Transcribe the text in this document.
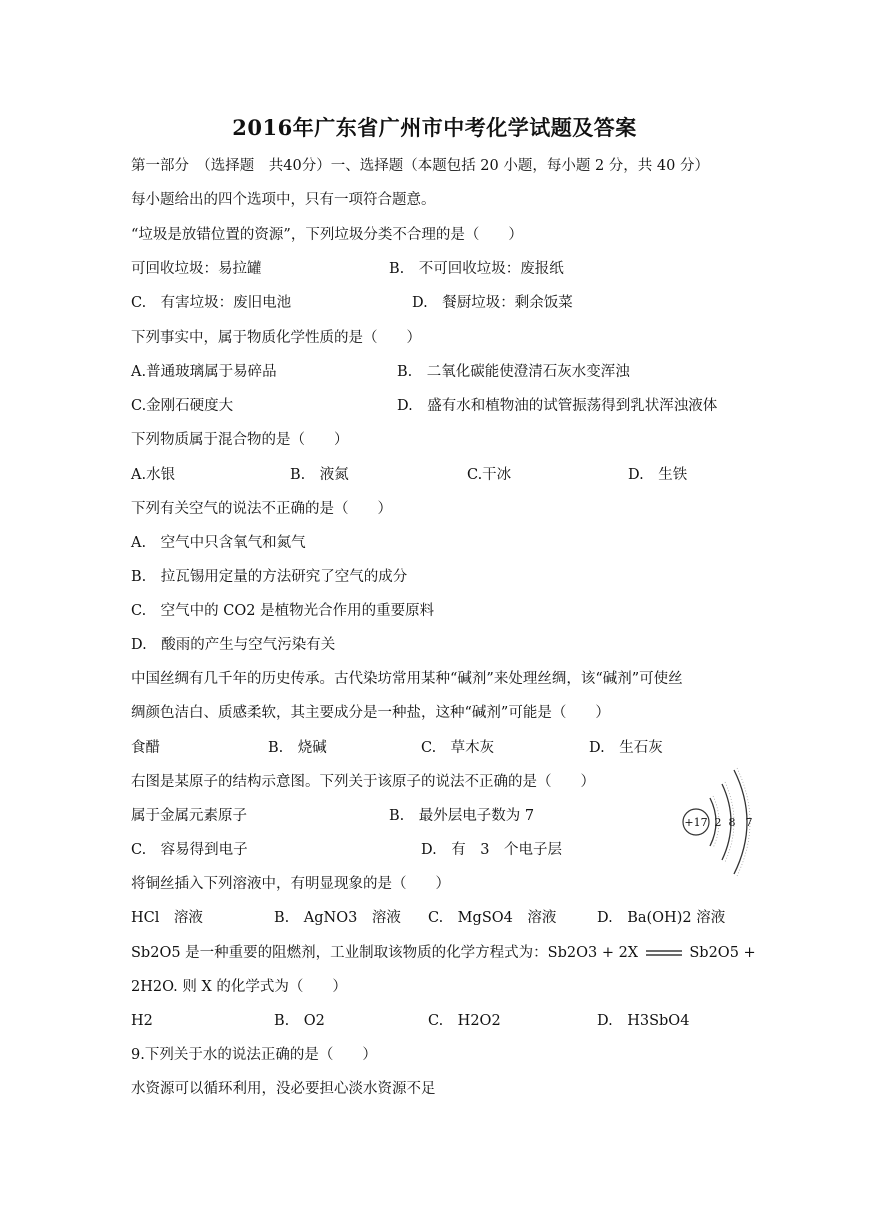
2016年广东省广州市中考化学试题及答案
第一部分　（选择题　共40分）一、选择题（本题包括 20 小题，每小题 2 分，共 40 分）
每小题给出的四个选项中，只有一项符合题意。
“垃圾是放错位置的资源”，下列垃圾分类不合理的是（　　）
可回收垃圾：易拉罐	B.　不可回收垃圾：废报纸
C.　有害垃圾：废旧电池	D.　餐厨垃圾：剩余饭菜
下列事实中，属于物质化学性质的是（　　）
A.普通玻璃属于易碎品	B.　二氧化碳能使澄清石灰水变浑浊
C.金刚石硬度大	D.　盛有水和植物油的试管振荡得到乳状浑浊液体
下列物质属于混合物的是（　　）
A.水银	B.　液氮	C.干冰	D.　生铁
下列有关空气的说法不正确的是（　　）
A.　空气中只含氧气和氮气
B.　拉瓦锡用定量的方法研究了空气的成分
C.　空气中的 CO2 是植物光合作用的重要原料
D.　酸雨的产生与空气污染有关
中国丝绸有几千年的历史传承。古代染坊常用某种“碱剂”来处理丝绸，该“碱剂”可使丝
绸颜色洁白、质感柔软，其主要成分是一种盐，这种“碱剂”可能是（　　）
食醋	B.　烧碱	C.　草木灰	D.　生石灰
右图是某原子的结构示意图。下列关于该原子的说法不正确的是（　　）
属于金属元素原子	B.　最外层电子数为 7
C.　容易得到电子	D.　有　3　个电子层
+17 2 8 7
将铜丝插入下列溶液中，有明显现象的是（　　）
HCl　溶液	B.　AgNO3　溶液 C.　MgSO4　溶液	D.　Ba(OH)2 溶液
Sb2O5 是一种重要的阻燃剂，工业制取该物质的化学方程式为：Sb2O3 + 2X	Sb2O5 +
2H2O. 则 X 的化学式为（　　）
H2	B.　O2	C.　H2O2	D.　H3SbO4
9.下列关于水的说法正确的是（　　）
水资源可以循环利用，没必要担心淡水资源不足
